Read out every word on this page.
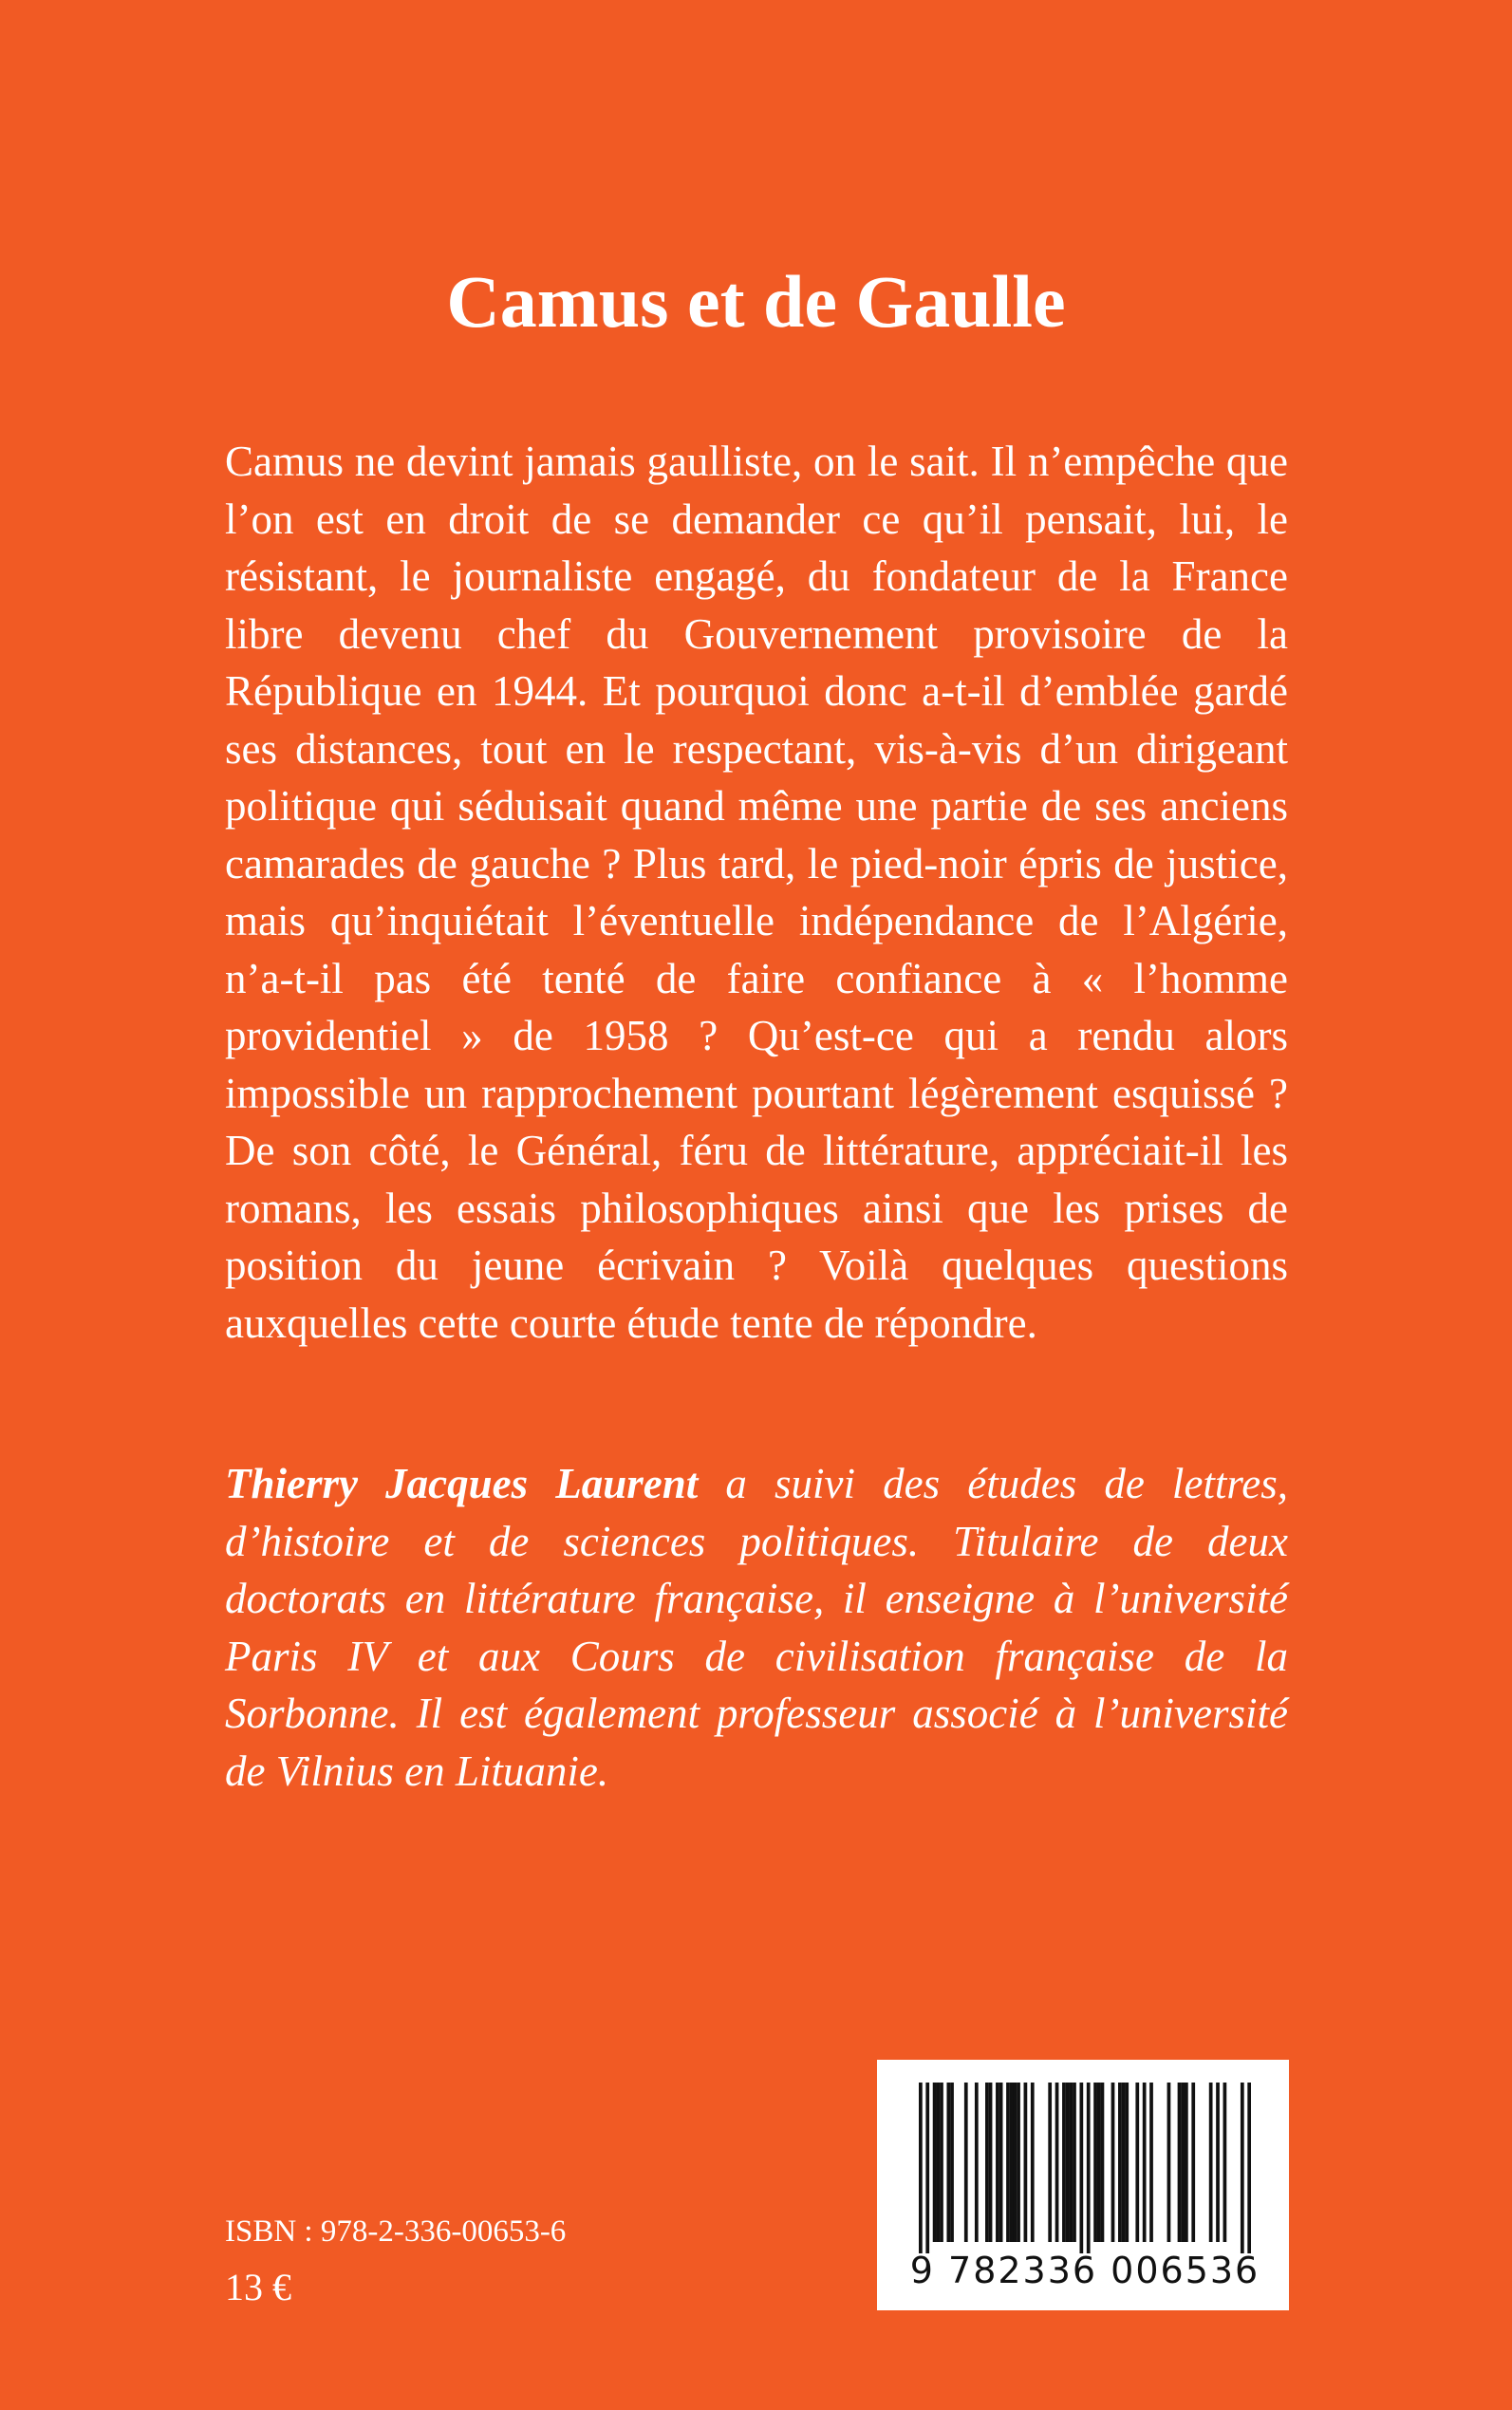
Camus et de Gaulle

Camus ne devint jamais gaulliste, on le sait. Il n’empêche que l’on est en droit de se demander ce qu’il pensait, lui, le résistant, le journaliste engagé, du fondateur de la France libre devenu chef du Gouvernement provisoire de la République en 1944. Et pourquoi donc a-t-il d’emblée gardé ses distances, tout en le respectant, vis-à-vis d’un dirigeant politique qui séduisait quand même une partie de ses anciens camarades de gauche ? Plus tard, le pied-noir épris de justice, mais qu’inquiétait l’éventuelle indépendance de l’Algérie, n’a-t-il pas été tenté de faire confiance à « l’homme providentiel » de 1958 ? Qu’est-ce qui a rendu alors impossible un rapprochement pourtant légèrement esquissé ? De son côté, le Général, féru de littérature, appréciait-il les romans, les essais philosophiques ainsi que les prises de position du jeune écrivain ? Voilà quelques questions auxquelles cette courte étude tente de répondre.

Thierry Jacques Laurent a suivi des études de lettres, d’histoire et de sciences politiques. Titulaire de deux doctorats en littérature française, il enseigne à l’université Paris IV et aux Cours de civilisation française de la Sorbonne. Il est également professeur associé à l’université de Vilnius en Lituanie.

ISBN : 978-2-336-00653-6
13 €	9 782336 006536
